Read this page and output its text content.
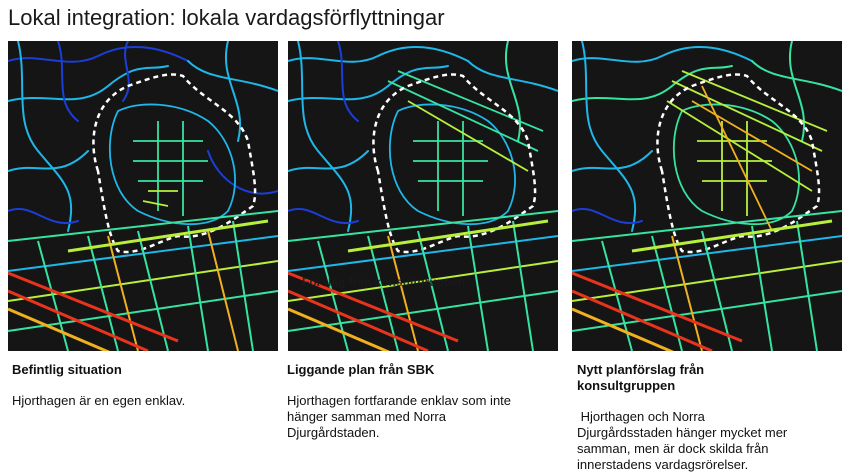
Lokal integration: lokala vardagsförflyttningar
Förslag från konsultgruppen
Befintlig situation
Hjorthagen är en egen enklav.
Liggande plan från SBK
Hjorthagen fortfarande enklav som inte hänger samman med Norra Djurgårdstaden.
Nytt planförslag från konsultgruppen
Hjorthagen och Norra Djurgårdsstaden hänger mycket mer samman, men är dock skilda från innerstadens vardagsrörelser.
